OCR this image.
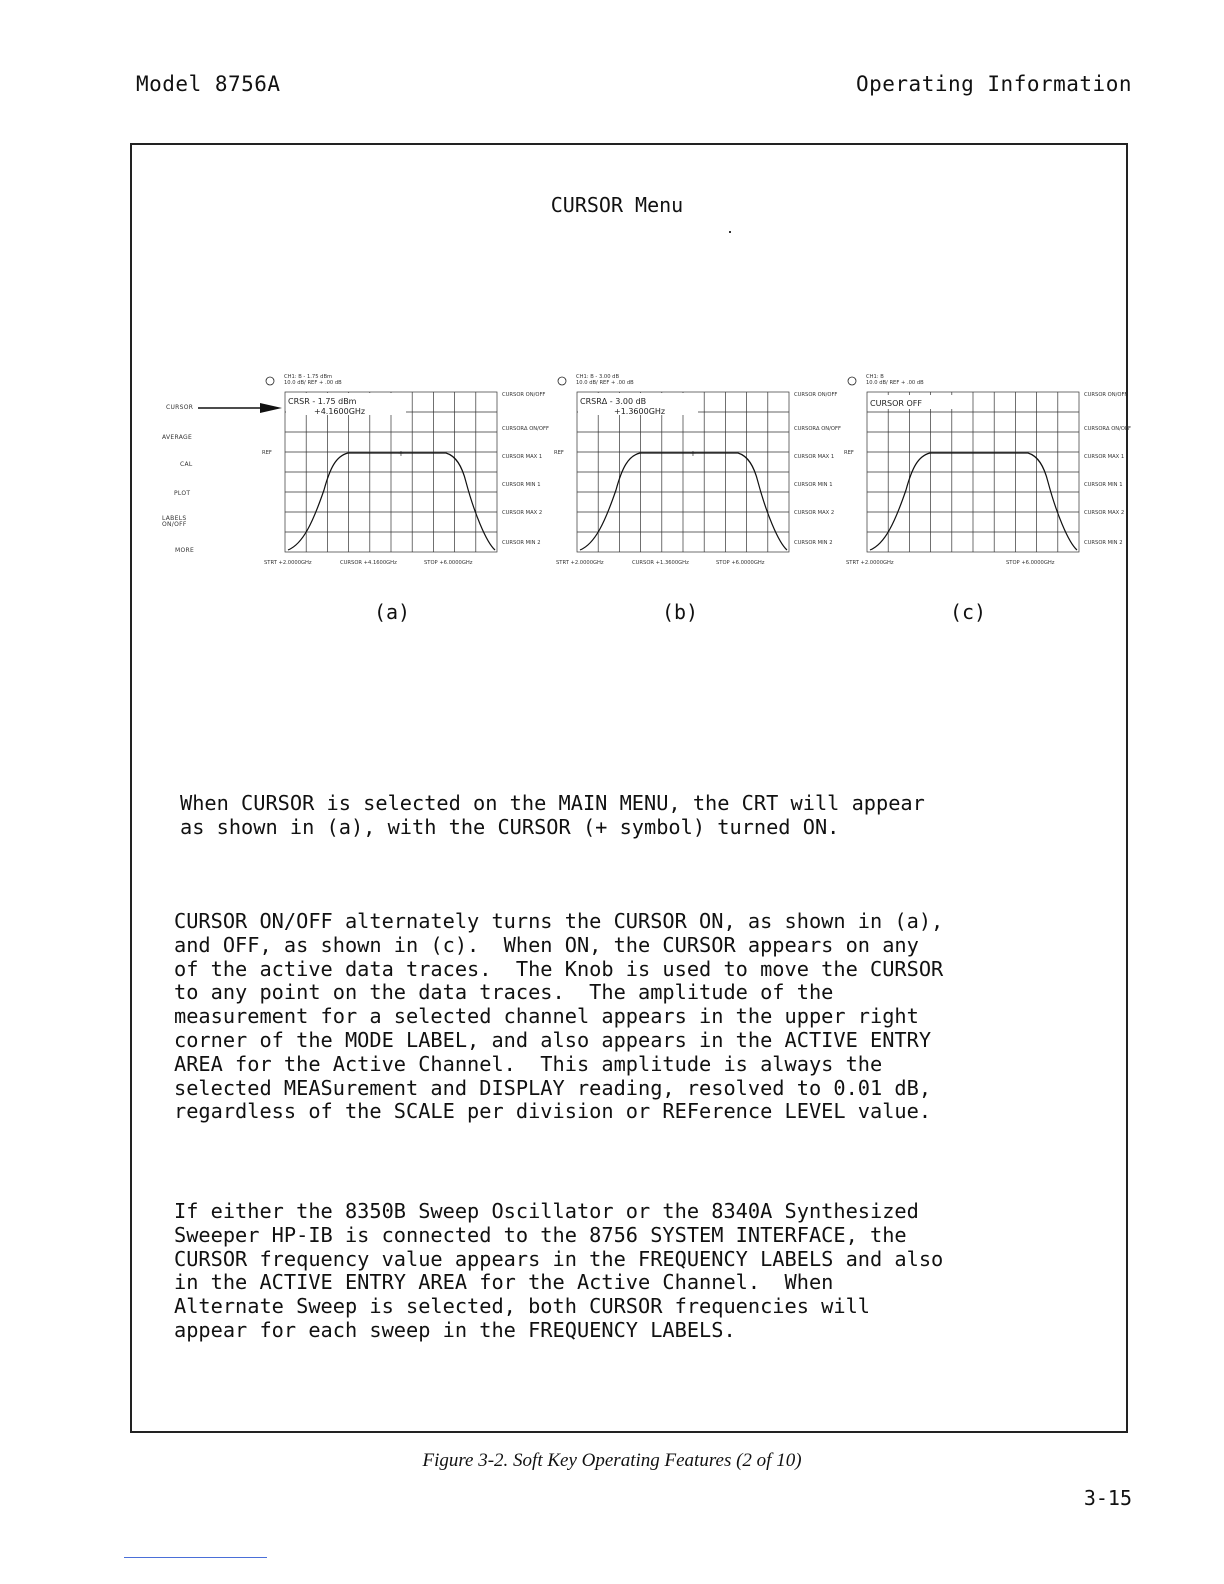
Model 8756A	Operating Information
CURSOR Menu
CURSOR
AVERAGE
CAL
PLOT
LABELS ON/OFF
MORE
CH1: B - 1.75 dBm
10.0 dB/ REF + .00 dB
REF	+
CRSR - 1.75 dBm
+4.1600GHz
STRT +2.0000GHz	CURSOR +4.1600GHz	STOP +6.0000GHz
CURSOR ON/OFF
CURSORΔ ON/OFF
CURSOR MAX 1
CURSOR MIN 1
CURSOR MAX 2
CURSOR MIN 2
(a)
CH1: B - 3.00 dB
10.0 dB/ REF + .00 dB
REF	+
CRSRΔ - 3.00 dB
+1.3600GHz
STRT +2.0000GHz	CURSOR +1.3600GHz	STOP +6.0000GHz
CURSOR ON/OFF
CURSORΔ ON/OFF
CURSOR MAX 1
CURSOR MIN 1
CURSOR MAX 2
CURSOR MIN 2
(b)
CH1: B
10.0 dB/ REF + .00 dB
REF
CURSOR OFF
STRT +2.0000GHz	STOP +6.0000GHz
CURSOR ON/OFF
CURSORΔ ON/OFF
CURSOR MAX 1
CURSOR MIN 1
CURSOR MAX 2
CURSOR MIN 2
(c)

When CURSOR is selected on the MAIN MENU, the CRT will appear
as shown in (a), with the CURSOR (+ symbol) turned ON.

CURSOR ON/OFF alternately turns the CURSOR ON, as shown in (a),
and OFF, as shown in (c).  When ON, the CURSOR appears on any
of the active data traces.  The Knob is used to move the CURSOR
to any point on the data traces.  The amplitude of the
measurement for a selected channel appears in the upper right
corner of the MODE LABEL, and also appears in the ACTIVE ENTRY
AREA for the Active Channel.  This amplitude is always the
selected MEASurement and DISPLAY reading, resolved to 0.01 dB,
regardless of the SCALE per division or REFerence LEVEL value.

If either the 8350B Sweep Oscillator or the 8340A Synthesized
Sweeper HP-IB is connected to the 8756 SYSTEM INTERFACE, the
CURSOR frequency value appears in the FREQUENCY LABELS and also
in the ACTIVE ENTRY AREA for the Active Channel.  When
Alternate Sweep is selected, both CURSOR frequencies will
appear for each sweep in the FREQUENCY LABELS.

Figure 3-2. Soft Key Operating Features (2 of 10)
3-15
